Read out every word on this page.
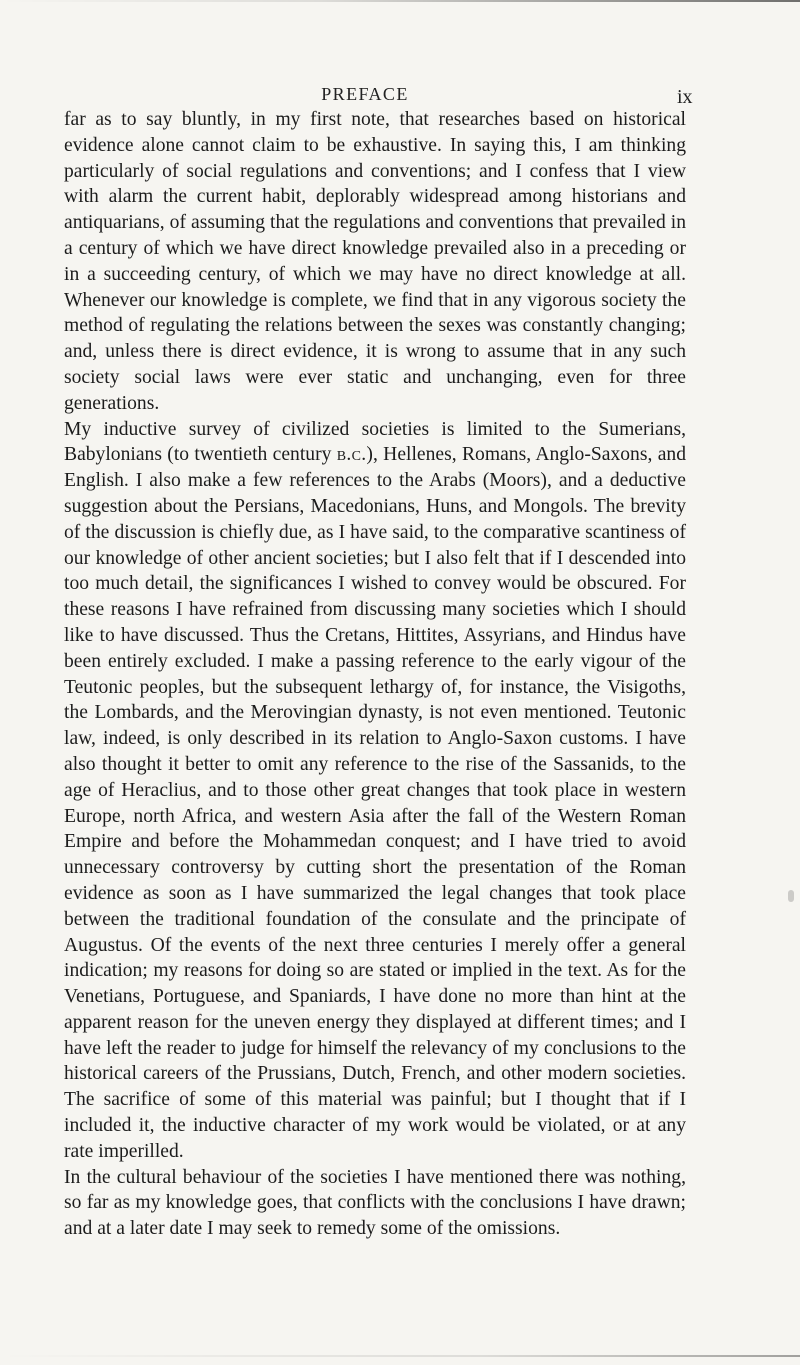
PREFACE	ix

far as to say bluntly, in my first note, that researches based on historical evidence alone cannot claim to be exhaustive. In saying this, I am thinking particularly of social regulations and conventions; and I confess that I view with alarm the current habit, deplorably widespread among historians and antiquarians, of assuming that the regulations and conventions that prevailed in a century of which we have direct knowledge prevailed also in a preceding or in a succeeding century, of which we may have no direct knowledge at all. Whenever our knowledge is complete, we find that in any vigorous society the method of regulating the relations between the sexes was constantly changing; and, unless there is direct evidence, it is wrong to assume that in any such society social laws were ever static and unchanging, even for three generations.

My inductive survey of civilized societies is limited to the Sumerians, Babylonians (to twentieth century b.c.), Hellenes, Romans, Anglo-Saxons, and English. I also make a few references to the Arabs (Moors), and a deductive suggestion about the Persians, Macedonians, Huns, and Mongols. The brevity of the discussion is chiefly due, as I have said, to the comparative scantiness of our knowledge of other ancient societies; but I also felt that if I descended into too much detail, the significances I wished to convey would be obscured. For these reasons I have refrained from discussing many societies which I should like to have discussed. Thus the Cretans, Hittites, Assyrians, and Hindus have been entirely excluded. I make a passing reference to the early vigour of the Teutonic peoples, but the subsequent lethargy of, for instance, the Visigoths, the Lombards, and the Merovingian dynasty, is not even mentioned. Teutonic law, indeed, is only described in its relation to Anglo-Saxon customs. I have also thought it better to omit any reference to the rise of the Sassanids, to the age of Heraclius, and to those other great changes that took place in western Europe, north Africa, and western Asia after the fall of the Western Roman Empire and before the Mohammedan conquest; and I have tried to avoid unnecessary controversy by cutting short the presentation of the Roman evidence as soon as I have summarized the legal changes that took place between the traditional foundation of the consulate and the principate of Augustus. Of the events of the next three centuries I merely offer a general indication; my reasons for doing so are stated or implied in the text. As for the Venetians, Portuguese, and Spaniards, I have done no more than hint at the apparent reason for the uneven energy they displayed at different times; and I have left the reader to judge for himself the relevancy of my conclusions to the historical careers of the Prussians, Dutch, French, and other modern societies. The sacrifice of some of this material was painful; but I thought that if I included it, the inductive character of my work would be violated, or at any rate imperilled.

In the cultural behaviour of the societies I have mentioned there was nothing, so far as my knowledge goes, that conflicts with the conclusions I have drawn; and at a later date I may seek to remedy some of the omissions.
